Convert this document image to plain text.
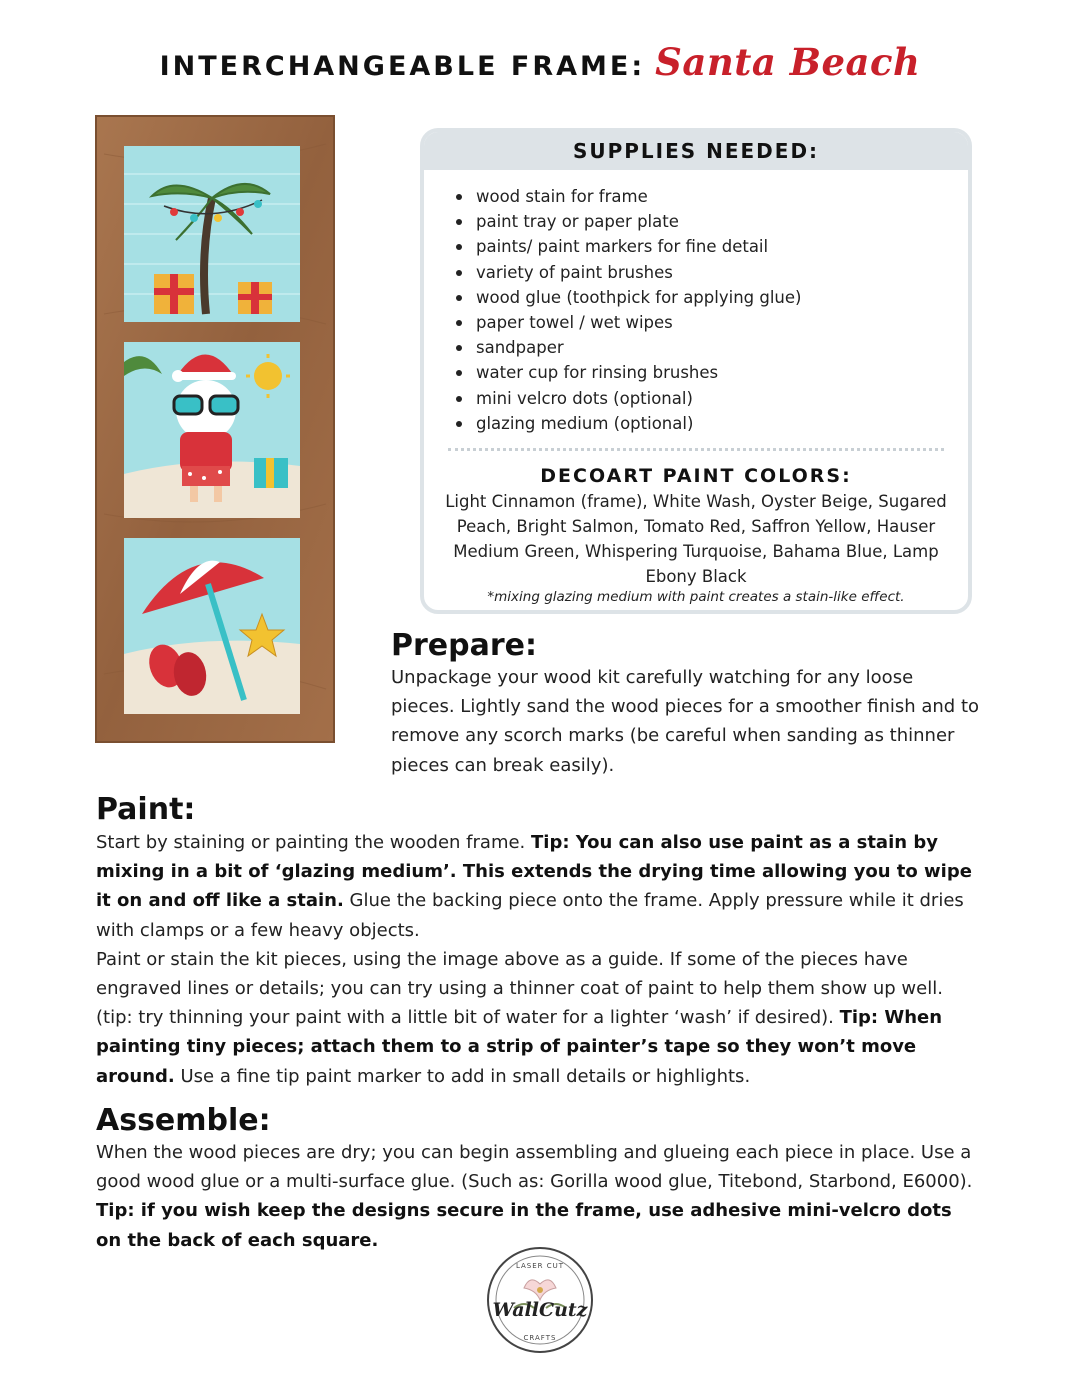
INTERCHANGEABLE FRAME: Santa Beach
SUPPLIES NEEDED:
wood stain for frame
paint tray or paper plate
paints/ paint markers for fine detail
variety of paint brushes
wood glue (toothpick for applying glue)
paper towel / wet wipes
sandpaper
water cup for rinsing brushes
mini velcro dots (optional)
glazing medium (optional)
DECOART PAINT COLORS:
Light Cinnamon (frame), White Wash, Oyster Beige, Sugared Peach, Bright Salmon, Tomato Red, Saffron Yellow, Hauser Medium Green, Whispering Turquoise, Bahama Blue, Lamp Ebony Black
*mixing glazing medium with paint creates a stain-like effect.
Prepare:
Unpackage your wood kit carefully watching for any loose pieces. Lightly sand the wood pieces for a smoother finish and to remove any scorch marks (be careful when sanding as thinner pieces can break easily).
Paint:
Start by staining or painting the wooden frame. Tip: You can also use paint as a stain by mixing in a bit of ‘glazing medium’. This extends the drying time allowing you to wipe it on and off like a stain. Glue the backing piece onto the frame. Apply pressure while it dries with clamps or a few heavy objects.
Paint or stain the kit pieces, using the image above as a guide. If some of the pieces have engraved lines or details; you can try using a thinner coat of paint to help them show up well. (tip: try thinning your paint with a little bit of water for a lighter ‘wash’ if desired). Tip: When painting tiny pieces; attach them to a strip of painter’s tape so they won’t move around. Use a fine tip paint marker to add in small details or highlights.
Assemble:
When the wood pieces are dry; you can begin assembling and glueing each piece in place. Use a good wood glue or a multi-surface glue. (Such as: Gorilla wood glue, Titebond, Starbond, E6000). Tip: if you wish keep the designs secure in the frame, use adhesive mini-velcro dots on the back of each square.
LASER CUT
WallCutz
CRAFTS
